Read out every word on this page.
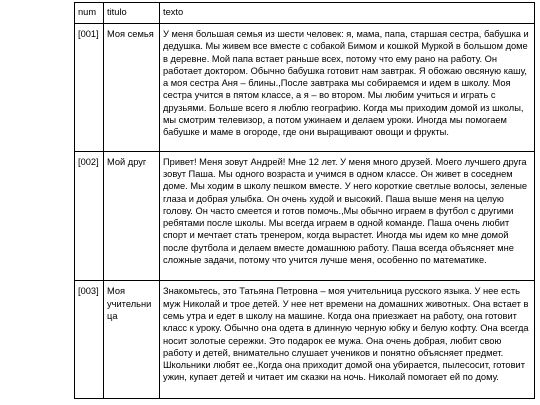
num	titulo	texto
[001]	Моя семья	У меня большая семья из шести человек: я, мама, папа, старшая сестра, бабушка и дедушка. Мы живем все вместе с собакой Бимом и кошкой Муркой в большом доме в деревне. Мой папа встает раньше всех, потому что ему рано на работу. Он работает доктором. Обычно бабушка готовит нам завтрак. Я обожаю овсяную кашу, а моя сестра Аня – блины.,После завтрака мы собираемся и идем в школу. Моя сестра учится в пятом классе, а я – во втором. Мы любим учиться и играть с друзьями. Больше всего я люблю географию. Когда мы приходим домой из школы, мы смотрим телевизор, а потом ужинаем и делаем уроки. Иногда мы помогаем бабушке и маме в огороде, где они выращивают овощи и фрукты.
[002]	Мой друг	Привет! Меня зовут Андрей! Мне 12 лет. У меня много друзей. Моего лучшего друга зовут Паша. Мы одного возраста и учимся в одном классе. Он живет в соседнем доме. Мы ходим в школу пешком вместе. У него короткие светлые волосы, зеленые глаза и добрая улыбка. Он очень худой и высокий. Паша выше меня на целую голову. Он часто смеется и готов помочь.,Мы обычно играем в футбол с другими ребятами после школы. Мы всегда играем в одной команде. Паша очень любит спорт и мечтает стать тренером, когда вырастет. Иногда мы идем ко мне домой после футбола и делаем вместе домашнюю работу. Паша всегда объясняет мне сложные задачи, потому что учится лучше меня, особенно по математике.
[003]	Моя учительница	Знакомьтесь, это Татьяна Петровна – моя учительница русского языка. У нее есть муж Николай и трое детей. У нее нет времени на домашних животных. Она встает в семь утра и едет в школу на машине. Когда она приезжает на работу, она готовит класс к уроку. Обычно она одета в длинную черную юбку и белую кофту. Она всегда носит золотые сережки. Это подарок ее мужа. Она очень добрая, любит свою работу и детей, внимательно слушает учеников и понятно объясняет предмет. Школьники любят ее.,Когда она приходит домой она убирается, пылесосит, готовит ужин, купает детей и читает им сказки на ночь. Николай помогает ей по дому.
